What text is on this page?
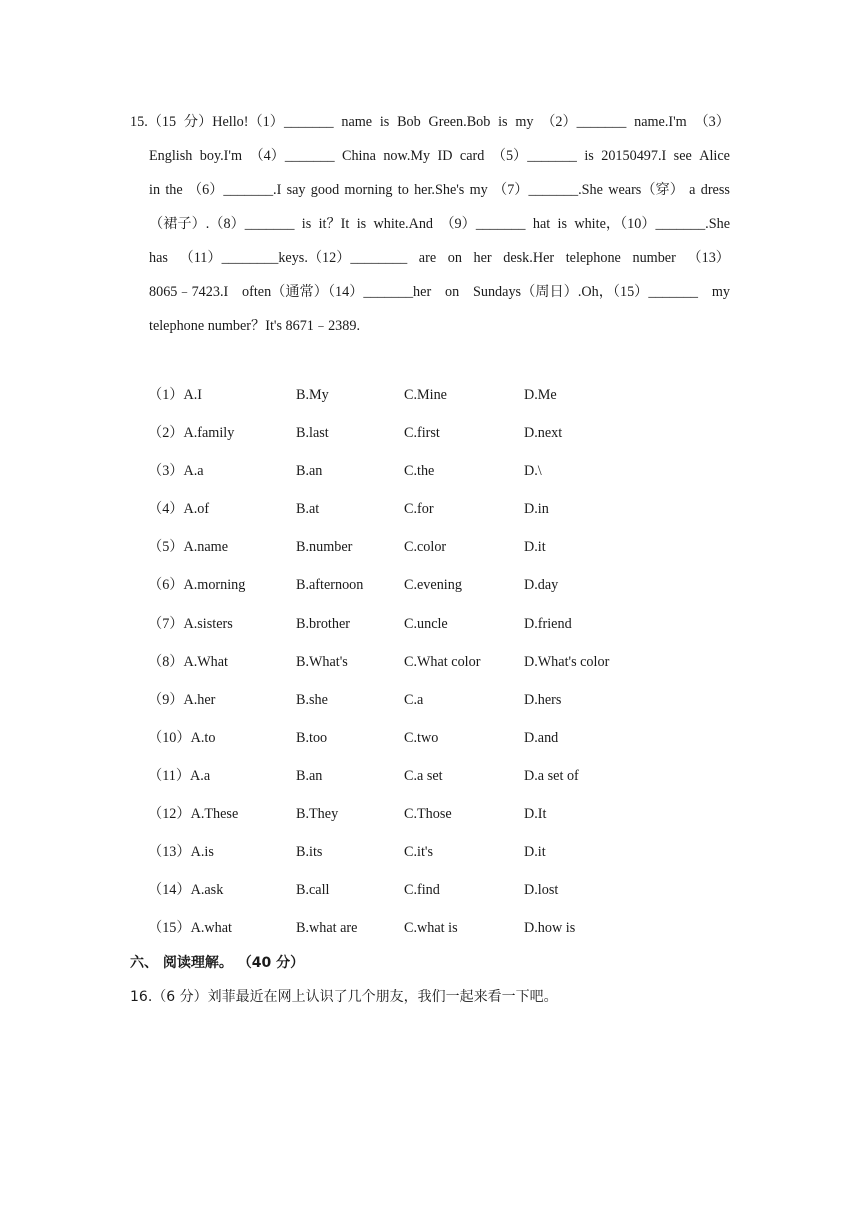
15.（15 分）Hello!（1）_______ name is Bob Green.Bob is my （2）_______ name.I'm （3）
English boy.I'm （4）_______ China now.My ID card （5）_______ is 20150497.I see Alice
in the （6）_______.I say good morning to her.She's my （7）_______.She wears（穿） a dress
（裙子）.（8）_______ is it？It is white.And （9）_______ hat is white，（10）_______.She
has （11）________keys.（12）________ are on her desk.Her telephone number （13）
8065﹣7423.I often（通常）（14）_______her on Sundays（周日）.Oh，（15）_______ my
telephone number？It's 8671﹣2389.
（1）A.I	B.My	C.Mine	D.Me
（2）A.family	B.last	C.first	D.next
（3）A.a	B.an	C.the	D.\
（4）A.of	B.at	C.for	D.in
（5）A.name	B.number	C.color	D.it
（6）A.morning	B.afternoon	C.evening	D.day
（7）A.sisters	B.brother	C.uncle	D.friend
（8）A.What	B.What's	C.What color	D.What's color
（9）A.her	B.she	C.a	D.hers
（10）A.to	B.too	C.two	D.and
（11）A.a	B.an	C.a set	D.a set of
（12）A.These	B.They	C.Those	D.It
（13）A.is	B.its	C.it's	D.it
（14）A.ask	B.call	C.find	D.lost
（15）A.what	B.what are	C.what is	D.how is
六、 阅读理解。 （40 分）
16.（6 分）刘菲最近在网上认识了几个朋友，我们一起来看一下吧。
